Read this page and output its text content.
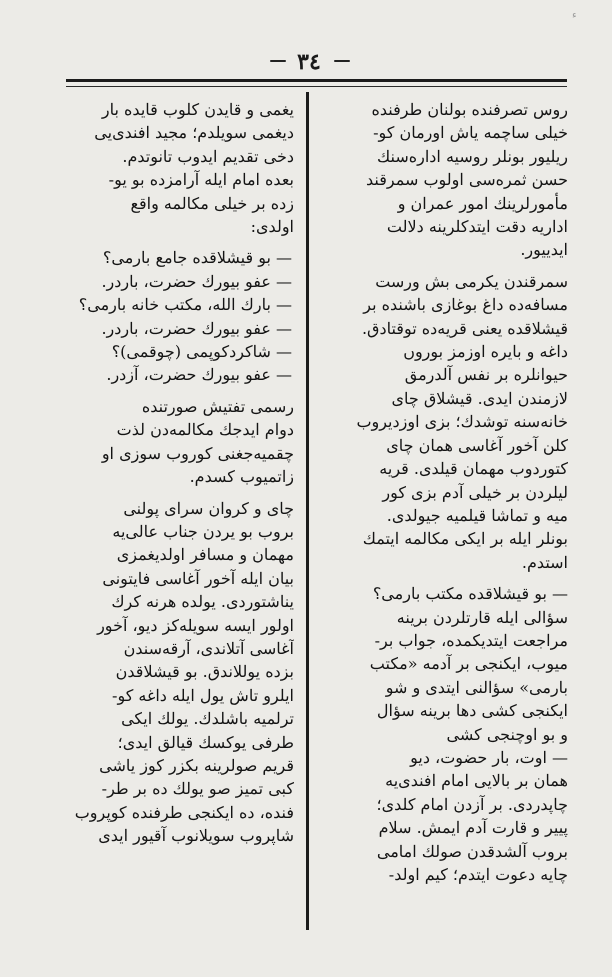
ء
٣٤
روس تصرفنده بولنان طرفنده
خیلی ساچمه یاش اورمان کو-
ریلیور بونلر روسیه ادارەسنك
حسن ثمرەسی اولوب سمرقند
مأمورلرینك امور عمران و
اداریه دقت ایتدکلرینه دلالت
ایدییور.
سمرقندن یکرمی بش ورست
مسافەده داغ بوغازی باشنده بر
قیشلاقده یعنی قریەده توقتادق.
داغه و بایره اوزمز بوروں
حیوانلره بر نفس آلدرمق
لازمندن ایدی. قیشلاق چای
خانەسنه توشدك؛ بزی اوزدیروب
کلن آخور آغاسی همان چای
کتوردوب مهمان قیلدی. قریه
لیلردن بر خیلی آدم بزی کور
میه و تماشا قیلمیه جیولدی.
بونلر ایله بر ایکی مکالمه ایتمك
استدم.
— بو قیشلاقده مکتب بارمی؟
سؤالی ایله قارتلردن برینه
مراجعت ایتدیکمده، جواب بر-
میوب، ایکنجی بر آدمه «مکتب
بارمی» سؤالنی ایتدی و شو
ایکنجی کشی دها برینه سؤال
و بو اوچنجی کشی
— اوت، بار حضوت، دیو
همان بر بالایی امام افندی‌یه
چاپدردی. بر آزدن امام کلدی؛
پییر و قارت آدم ایمش. سلام
بروب آلشدقدن صولك امامی
چایه دعوت ایتدم؛ کیم اولد-
یغمی و قایدن کلوب قایده بار
دیغمی سویلدم؛ مجید افندی‌یی
دخی تقدیم ایدوب تانوتدم.
بعده امام ایله آرامزده بو یو-
زده بر خیلی مکالمه واقع
اولدی:
— بو قیشلاقده جامع بارمی؟
— عفو بیورك حضرت، باردر.
— بارك الله، مکتب خانه بارمی؟
— عفو بیورك حضرت، باردر.
— شاکردکوپمی (چوقمی)؟
— عفو بیورك حضرت، آزدر.
رسمی تفتیش صورتنده
دوام ایدجك مکالمەدن لذت
چقمیه‌جغنی کوروب سوزی او
زاتمیوب کسدم.
چای و کروان سرای پولنی
بروب بو یردن جناب عالی‌یه
مهمان و مسافر اولدیغمزی
بیان ایله آخور آغاسی فایتونی
یناشتوردی. یولده هرنه کرك
اولور ایسه سویله‌کز دیو، آخور
آغاسی آتلاندی، آرقەسندن
بزده یوللاندق. بو قیشلاقدن
ایلرو تاش یول ایله داغه کو-
ترلمیه باشلدك. یولك ایکی
طرفی یوکسك قیالق ایدی؛
قریم صولرینه بکزر کوز یاشی
کبی تمیز صو یولك ده بر طر-
فنده، ده ایکنجی طرفنده کوپروب
شاپروب سویلانوب آقیور ایدی
